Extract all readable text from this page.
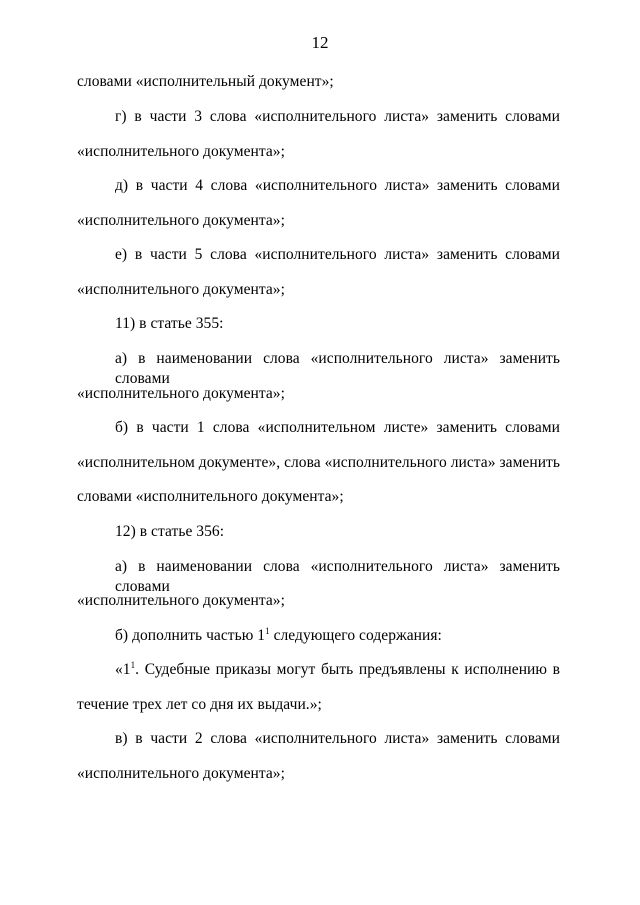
12
словами «исполнительный документ»;
г) в части 3 слова «исполнительного листа» заменить словами
«исполнительного документа»;
д) в части 4 слова «исполнительного листа» заменить словами
«исполнительного документа»;
е) в части 5 слова «исполнительного листа» заменить словами
«исполнительного документа»;
11) в статье 355:
а) в наименовании слова «исполнительного листа» заменить словами
«исполнительного документа»;
б) в части 1 слова «исполнительном листе» заменить словами
«исполнительном документе», слова «исполнительного листа» заменить
словами «исполнительного документа»;
12) в статье 356:
а) в наименовании слова «исполнительного листа» заменить словами
«исполнительного документа»;
б) дополнить частью $1^1$ следующего содержания:
«$1^1$. Судебные приказы могут быть предъявлены к исполнению в
течение трех лет со дня их выдачи.»;
в) в части 2 слова «исполнительного листа» заменить словами
«исполнительного документа»;
